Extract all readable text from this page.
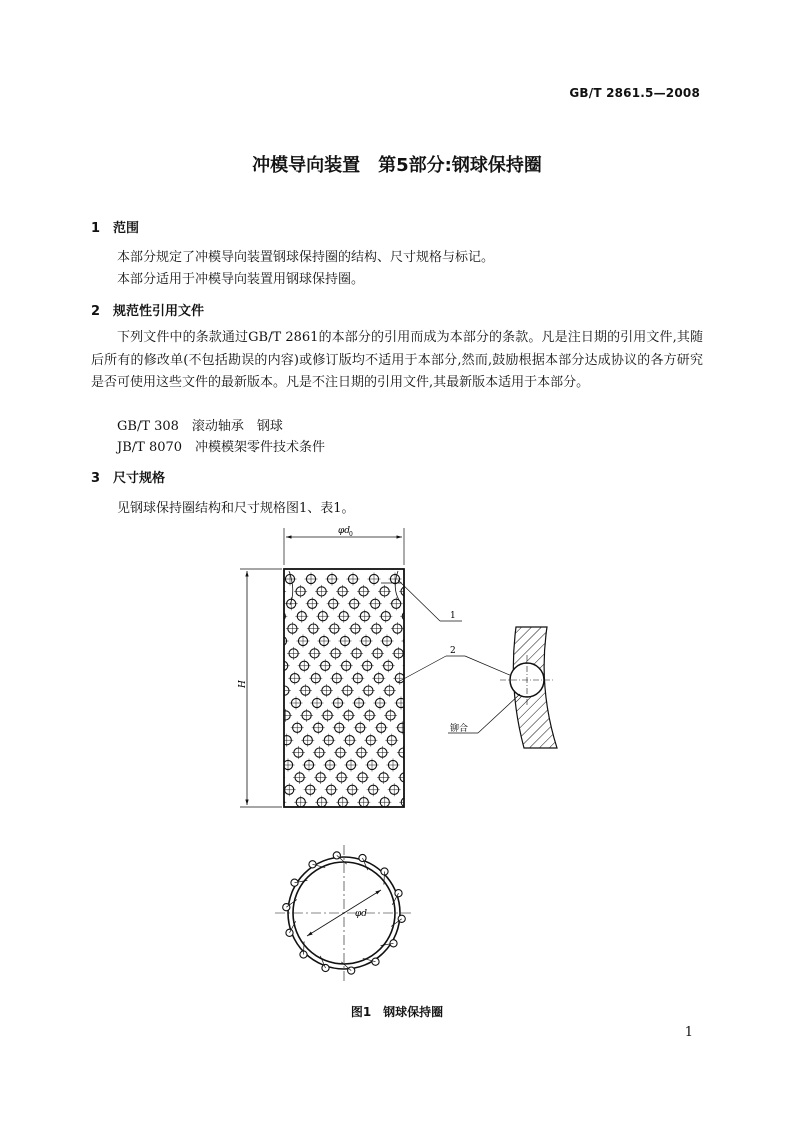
GB/T 2861.5—2008
冲模导向装置　第5部分:钢球保持圈
1 范围
本部分规定了冲模导向装置钢球保持圈的结构、尺寸规格与标记。
本部分适用于冲模导向装置用钢球保持圈。
2 规范性引用文件
下列文件中的条款通过GB/T 2861的本部分的引用而成为本部分的条款。凡是注日期的引用文件,其随后所有的修改单(不包括勘误的内容)或修订版均不适用于本部分,然而,鼓励根据本部分达成协议的各方研究是否可使用这些文件的最新版本。凡是不注日期的引用文件,其最新版本适用于本部分。
GB/T 308　滚动轴承　钢球
JB/T 8070　冲模模架零件技术条件
3 尺寸规格
见钢球保持圈结构和尺寸规格图1、表1。
φd
0
H
1
2
铆合
φd
图1　钢球保持圈
1
